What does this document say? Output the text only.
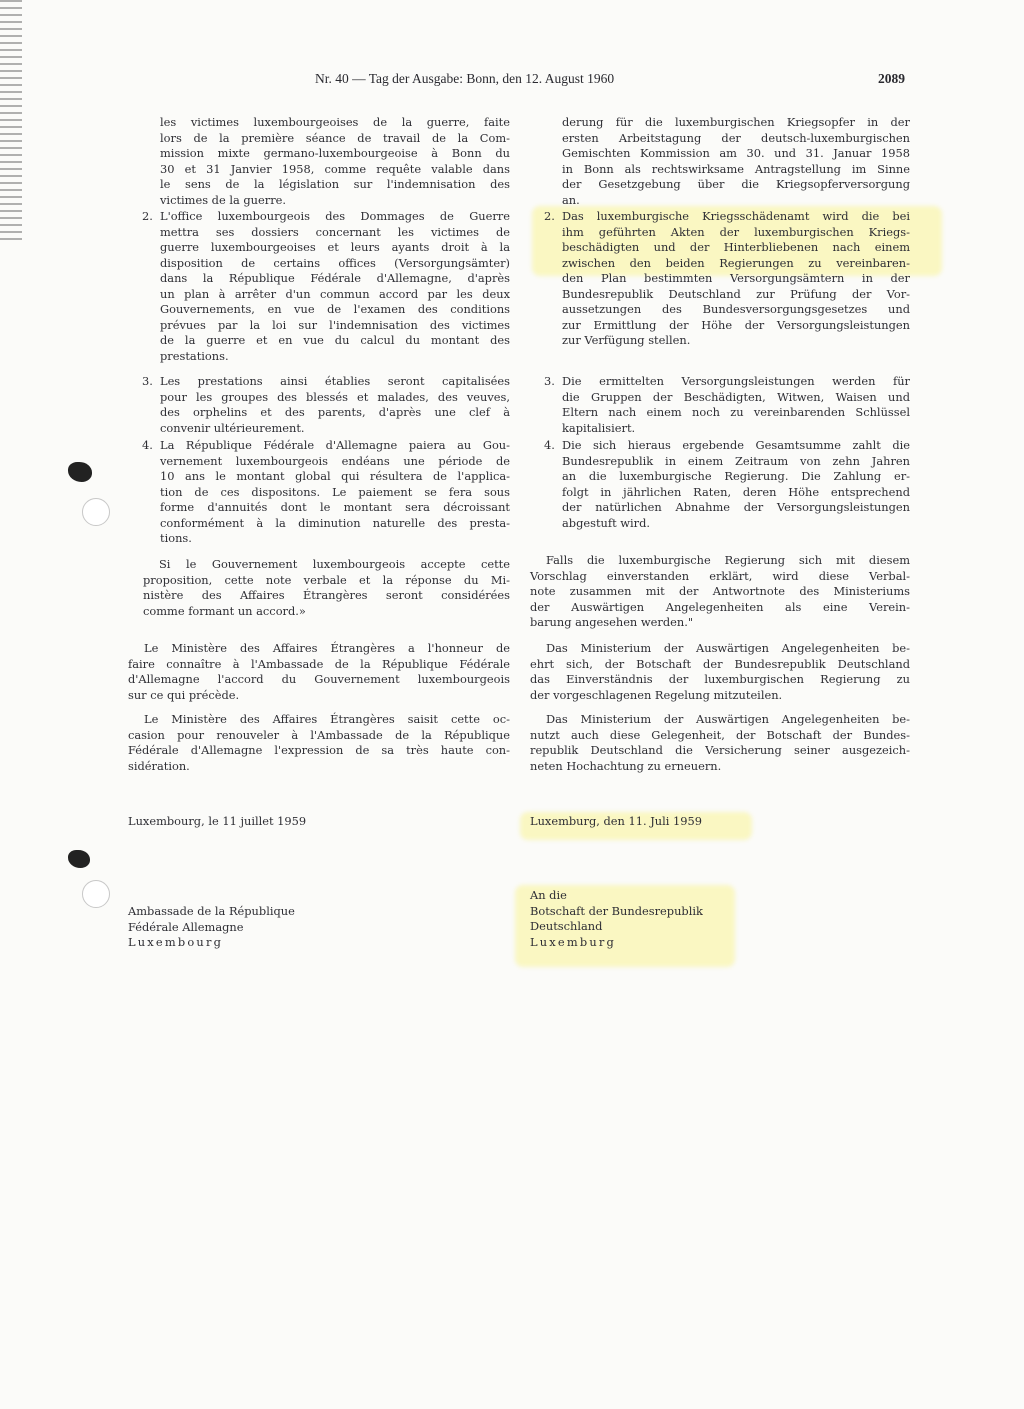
Nr. 40 — Tag der Ausgabe: Bonn, den 12. August 1960	2089
les victimes luxembourgeoises de la guerre, faite
lors de la première séance de travail de la Com-
mission mixte germano-luxembourgeoise à Bonn du
30 et 31 Janvier 1958, comme requête valable dans
le sens de la législation sur l'indemnisation des
victimes de la guerre.
2. L'office luxembourgeois des Dommages de Guerre
mettra ses dossiers concernant les victimes de
guerre luxembourgeoises et leurs ayants droit à la
disposition de certains offices (Versorgungsämter)
dans la République Fédérale d'Allemagne, d'après
un plan à arrêter d'un commun accord par les deux
Gouvernements, en vue de l'examen des conditions
prévues par la loi sur l'indemnisation des victimes
de la guerre et en vue du calcul du montant des
prestations.
3. Les prestations ainsi établies seront capitalisées
pour les groupes des blessés et malades, des veuves,
des orphelins et des parents, d'après une clef à
convenir ultérieurement.
4. La République Fédérale d'Allemagne paiera au Gou-
vernement luxembourgeois endéans une période de
10 ans le montant global qui résultera de l'applica-
tion de ces dispositons. Le paiement se fera sous
forme d'annuités dont le montant sera décroissant
conformément à la diminution naturelle des presta-
tions.
Si le Gouvernement luxembourgeois accepte cette
proposition, cette note verbale et la réponse du Mi-
nistère des Affaires Étrangères seront considérées
comme formant un accord.»
Le Ministère des Affaires Étrangères a l'honneur de
faire connaître à l'Ambassade de la République Fédérale
d'Allemagne l'accord du Gouvernement luxembourgeois
sur ce qui précède.
Le Ministère des Affaires Étrangères saisit cette oc-
casion pour renouveler à l'Ambassade de la République
Fédérale d'Allemagne l'expression de sa très haute con-
sidération.
Luxembourg, le 11 juillet 1959
Ambassade de la République
Fédérale Allemagne
Luxembourg
derung für die luxemburgischen Kriegsopfer in der
ersten Arbeitstagung der deutsch-luxemburgischen
Gemischten Kommission am 30. und 31. Januar 1958
in Bonn als rechtswirksame Antragstellung im Sinne
der Gesetzgebung über die Kriegsopferversorgung
an.
2. Das luxemburgische Kriegsschädenamt wird die bei
ihm geführten Akten der luxemburgischen Kriegs-
beschädigten und der Hinterbliebenen nach einem
zwischen den beiden Regierungen zu vereinbaren-
den Plan bestimmten Versorgungsämtern in der
Bundesrepublik Deutschland zur Prüfung der Vor-
aussetzungen des Bundesversorgungsgesetzes und
zur Ermittlung der Höhe der Versorgungsleistungen
zur Verfügung stellen.
3. Die ermittelten Versorgungsleistungen werden für
die Gruppen der Beschädigten, Witwen, Waisen und
Eltern nach einem noch zu vereinbarenden Schlüssel
kapitalisiert.
4. Die sich hieraus ergebende Gesamtsumme zahlt die
Bundesrepublik in einem Zeitraum von zehn Jahren
an die luxemburgische Regierung. Die Zahlung er-
folgt in jährlichen Raten, deren Höhe entsprechend
der natürlichen Abnahme der Versorgungsleistungen
abgestuft wird.
Falls die luxemburgische Regierung sich mit diesem
Vorschlag einverstanden erklärt, wird diese Verbal-
note zusammen mit der Antwortnote des Ministeriums
der Auswärtigen Angelegenheiten als eine Verein-
barung angesehen werden."
Das Ministerium der Auswärtigen Angelegenheiten be-
ehrt sich, der Botschaft der Bundesrepublik Deutschland
das Einverständnis der luxemburgischen Regierung zu
der vorgeschlagenen Regelung mitzuteilen.
Das Ministerium der Auswärtigen Angelegenheiten be-
nutzt auch diese Gelegenheit, der Botschaft der Bundes-
republik Deutschland die Versicherung seiner ausgezeich-
neten Hochachtung zu erneuern.
Luxemburg, den 11. Juli 1959
An die
Botschaft der Bundesrepublik
Deutschland
Luxemburg
